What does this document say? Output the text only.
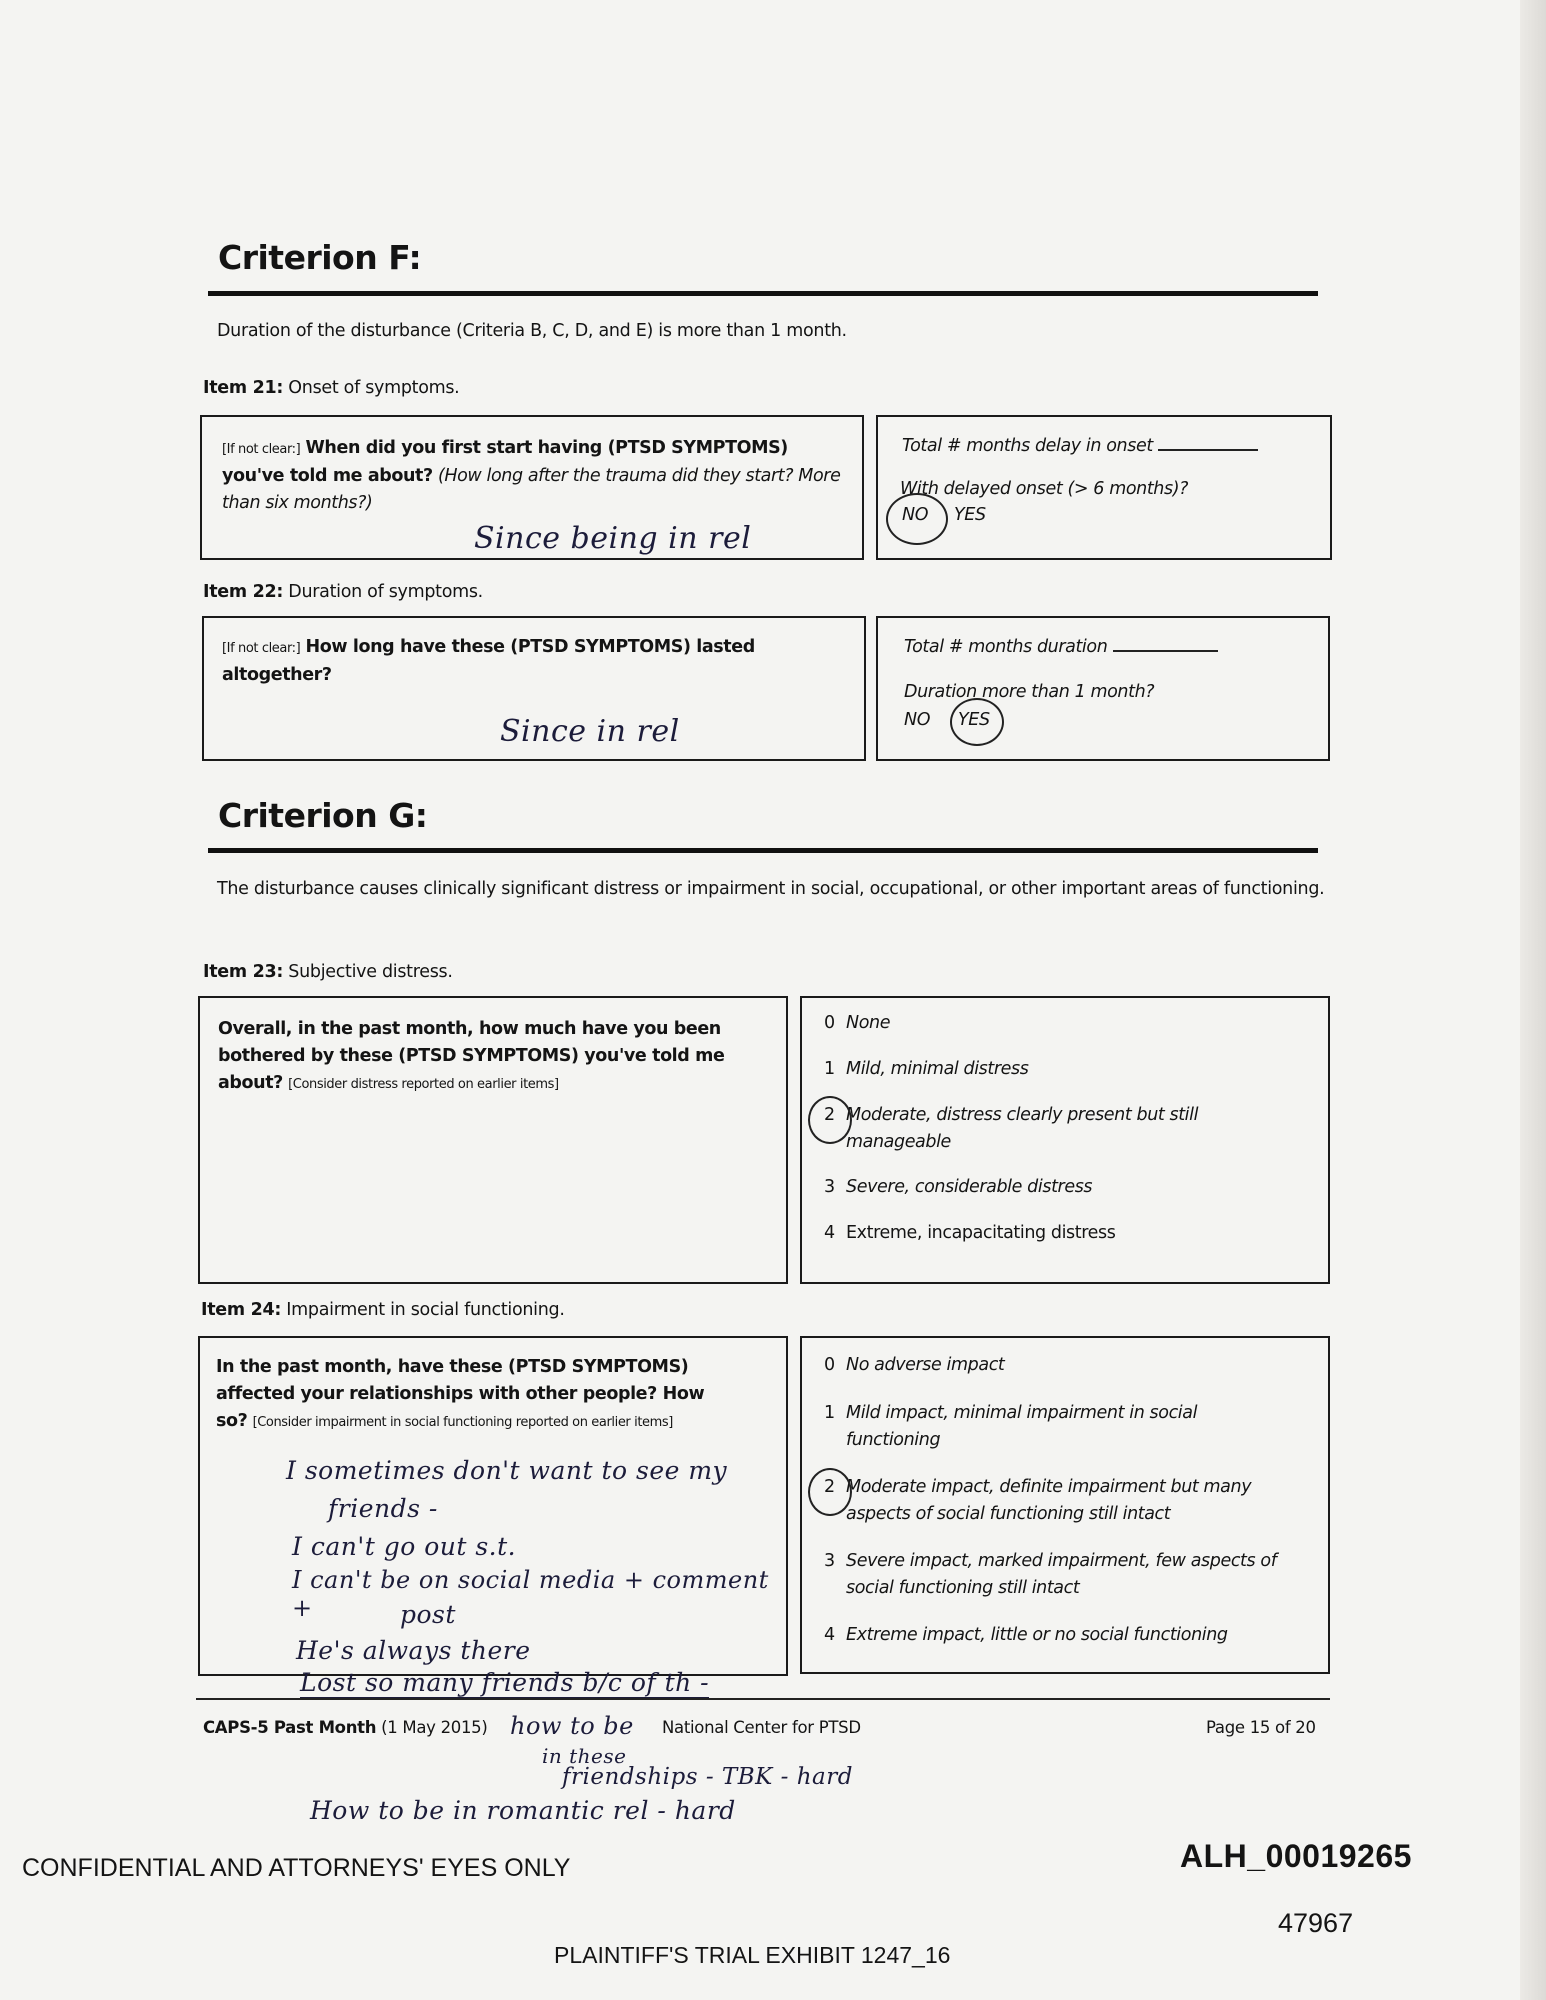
Criterion F:
Duration of the disturbance (Criteria B, C, D, and E) is more than 1 month.
Item 21: Onset of symptoms.
[If not clear:] When did you first start having (PTSD SYMPTOMS) you've told me about? (How long after the trauma did they start? More than six months?)
Since being in rel
Total # months delay in onset
With delayed onset (> 6 months)?
NO YES
Item 22: Duration of symptoms.
[If not clear:] How long have these (PTSD SYMPTOMS) lasted altogether?
Since in rel
Total # months duration
Duration more than 1 month?
NO YES
Criterion G:
The disturbance causes clinically significant distress or impairment in social, occupational, or other important areas of functioning.
Item 23: Subjective distress.
Overall, in the past month, how much have you been bothered by these (PTSD SYMPTOMS) you've told me about? [Consider distress reported on earlier items]
0 None
1 Mild, minimal distress
2 Moderate, distress clearly present but still manageable
3 Severe, considerable distress
4 Extreme, incapacitating distress
Item 24: Impairment in social functioning.
In the past month, have these (PTSD SYMPTOMS) affected your relationships with other people? How so? [Consider impairment in social functioning reported on earlier items]
I sometimes don't want to see my
friends -
I can't go out s.t.
I can't be on social media + comment +	post
He's always there
Lost so many friends b/c of th -
0 No adverse impact
1 Mild impact, minimal impairment in social functioning
2 Moderate impact, definite impairment but many aspects of social functioning still intact
3 Severe impact, marked impairment, few aspects of social functioning still intact
4 Extreme impact, little or no social functioning
CAPS-5 Past Month (1 May 2015)	National Center for PTSD	Page 15 of 20
how to be
in these
friendships - TBK - hard
How to be in romantic rel - hard
CONFIDENTIAL AND ATTORNEYS' EYES ONLY	ALH_00019265
47967
PLAINTIFF'S TRIAL EXHIBIT 1247_16
